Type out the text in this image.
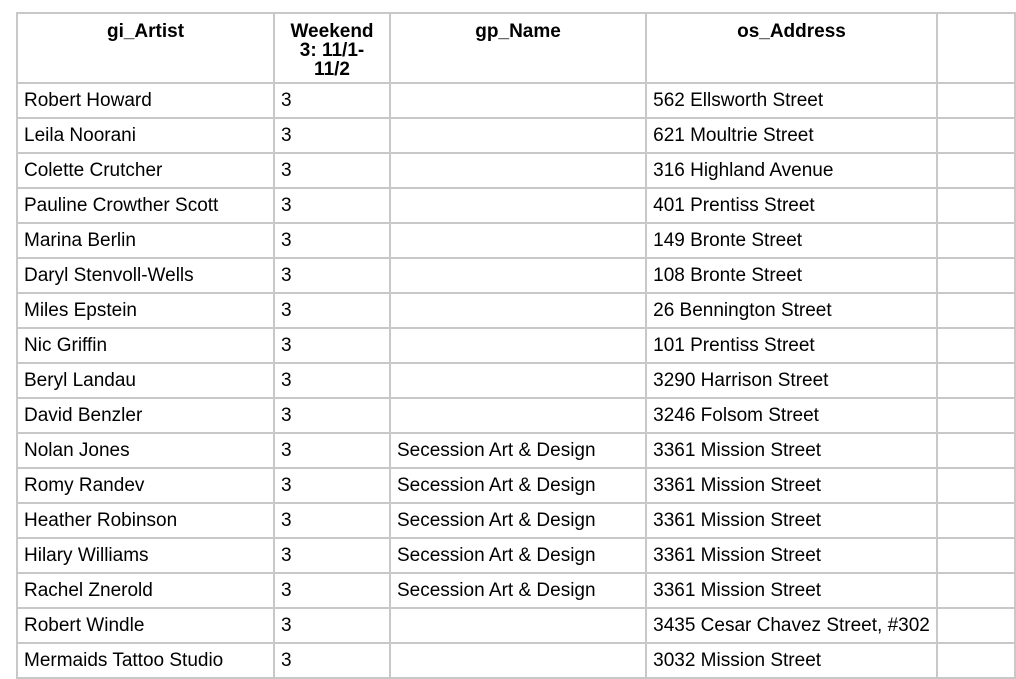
gi_Artist	Weekend 3: 11/1-11/2	gp_Name	os_Address	

Robert Howard	3		562 Ellsworth Street	
Leila Noorani	3		621 Moultrie Street	
Colette Crutcher	3		316 Highland Avenue	
Pauline Crowther Scott	3		401 Prentiss Street	
Marina Berlin	3		149 Bronte Street	
Daryl Stenvoll-Wells	3		108 Bronte Street	
Miles Epstein	3		26 Bennington Street	
Nic Griffin	3		101 Prentiss Street	
Beryl Landau	3		3290 Harrison Street	
David Benzler	3		3246 Folsom Street	
Nolan Jones	3	Secession Art & Design	3361 Mission Street	
Romy Randev	3	Secession Art & Design	3361 Mission Street	
Heather Robinson	3	Secession Art & Design	3361 Mission Street	
Hilary Williams	3	Secession Art & Design	3361 Mission Street	
Rachel Znerold	3	Secession Art & Design	3361 Mission Street	
Robert Windle	3		3435 Cesar Chavez Street, #302	
Mermaids Tattoo Studio	3		3032 Mission Street	
